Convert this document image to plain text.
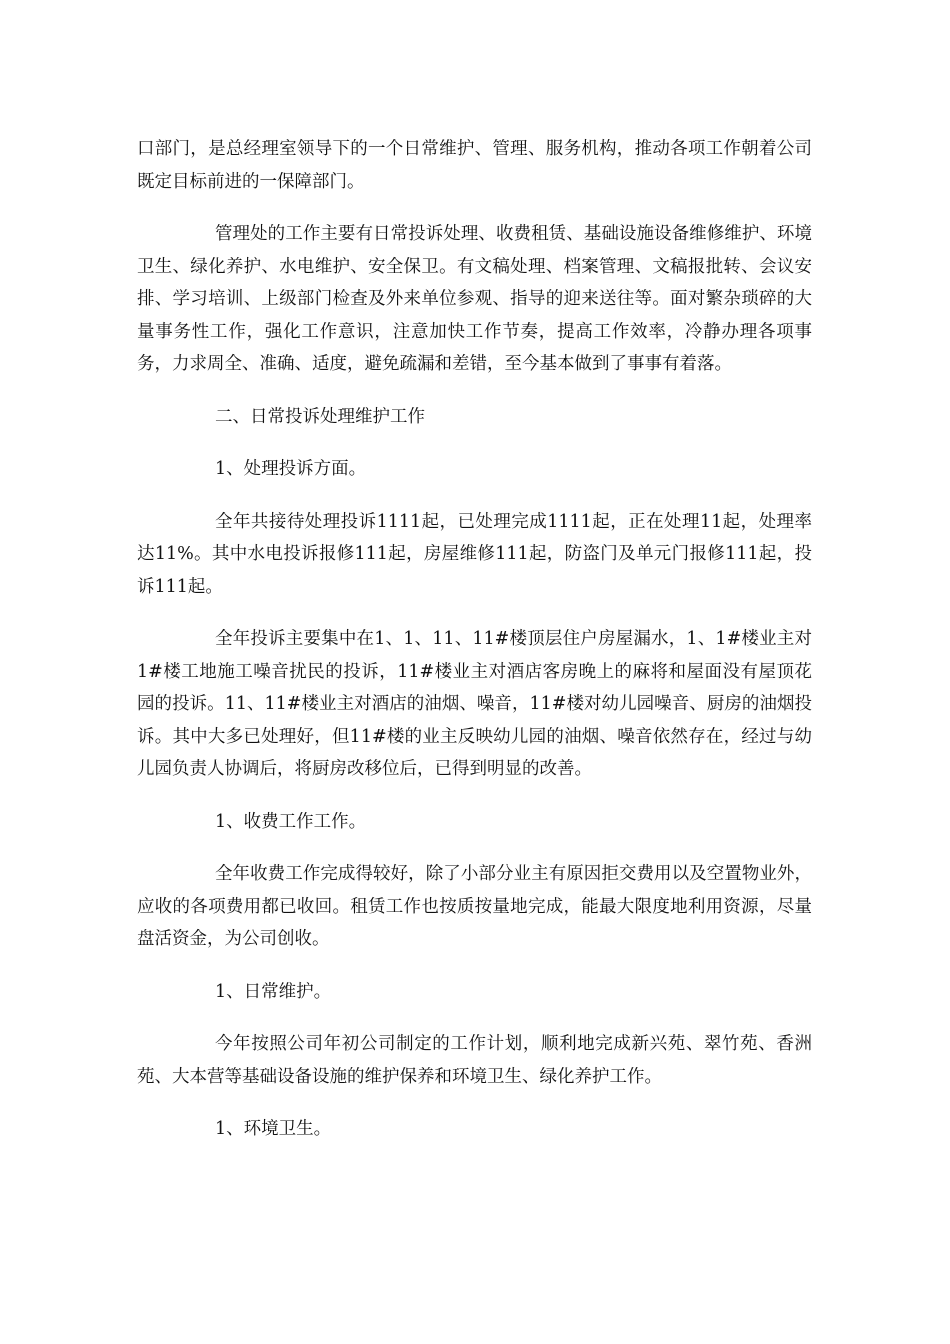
口部门，是总经理室领导下的一个日常维护、管理、服务机构，推动各项工作朝着公司既定目标前进的一保障部门。

管理处的工作主要有日常投诉处理、收费租赁、基础设施设备维修维护、环境卫生、绿化养护、水电维护、安全保卫。有文稿处理、档案管理、文稿报批转、会议安排、学习培训、上级部门检查及外来单位参观、指导的迎来送往等。面对繁杂琐碎的大量事务性工作，强化工作意识，注意加快工作节奏，提高工作效率，冷静办理各项事务，力求周全、准确、适度，避免疏漏和差错，至今基本做到了事事有着落。

二、日常投诉处理维护工作

1、处理投诉方面。

全年共接待处理投诉1111起，已处理完成1111起，正在处理11起，处理率达11%。其中水电投诉报修111起，房屋维修111起，防盗门及单元门报修111起，投诉111起。

全年投诉主要集中在1、1、11、11#楼顶层住户房屋漏水，1、1#楼业主对1#楼工地施工噪音扰民的投诉，11#楼业主对酒店客房晚上的麻将和屋面没有屋顶花园的投诉。11、11#楼业主对酒店的油烟、噪音，11#楼对幼儿园噪音、厨房的油烟投诉。其中大多已处理好，但11#楼的业主反映幼儿园的油烟、噪音依然存在，经过与幼儿园负责人协调后，将厨房改移位后，已得到明显的改善。

1、收费工作工作。

全年收费工作完成得较好，除了小部分业主有原因拒交费用以及空置物业外，应收的各项费用都已收回。租赁工作也按质按量地完成，能最大限度地利用资源，尽量盘活资金，为公司创收。

1、日常维护。

今年按照公司年初公司制定的工作计划，顺利地完成新兴苑、翠竹苑、香洲苑、大本营等基础设备设施的维护保养和环境卫生、绿化养护工作。

1、环境卫生。
